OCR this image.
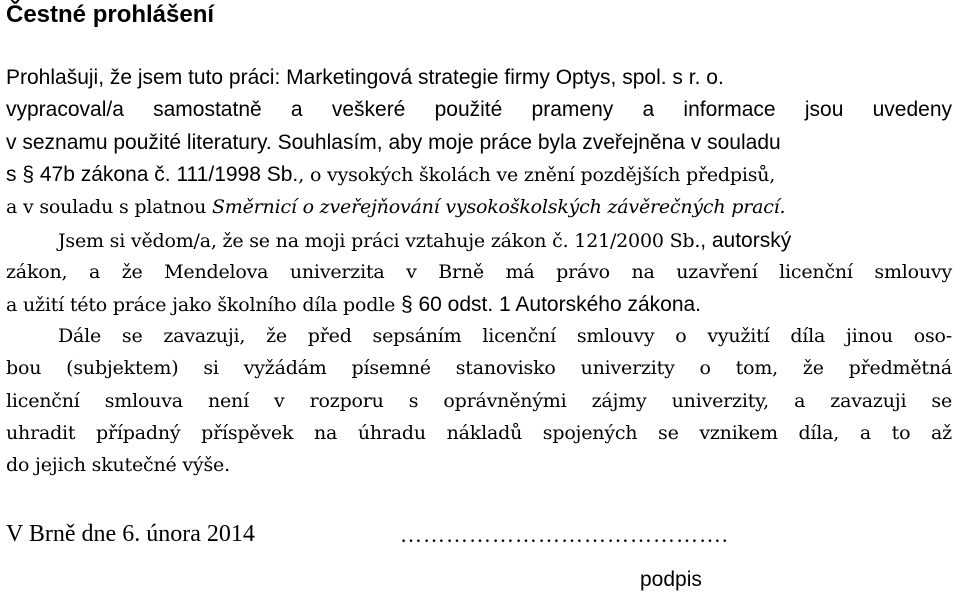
Čestné prohlášení
Prohlašuji, že jsem tuto práci: Marketingová strategie firmy Optys, spol. s r. o.
vypracoval/a samostatně a veškeré použité prameny a informace jsou uvedeny
v seznamu použité literatury. Souhlasím, aby moje práce byla zveřejněna v souladu
s § 47b zákona č. 111/1998 Sb., o vysokých školách ve znění pozdějších předpisů,
a v souladu s platnou Směrnicí o zveřejňování vysokoškolských závěrečných prací.
Jsem si vědom/a, že se na moji práci vztahuje zákon č. 121/2000 Sb., autorský
zákon, a že Mendelova univerzita v Brně má právo na uzavření licenční smlouvy
a užití této práce jako školního díla podle § 60 odst. 1 Autorského zákona.
Dále se zavazuji, že před sepsáním licenční smlouvy o využití díla jinou oso-
bou (subjektem) si vyžádám písemné stanovisko univerzity o tom, že předmětná
licenční smlouva není v rozporu s oprávněnými zájmy univerzity, a zavazuji se
uhradit případný příspěvek na úhradu nákladů spojených se vznikem díla, a to až
do jejich skutečné výše.
V Brně dne 6. února 2014	…………………………………….
podpis
